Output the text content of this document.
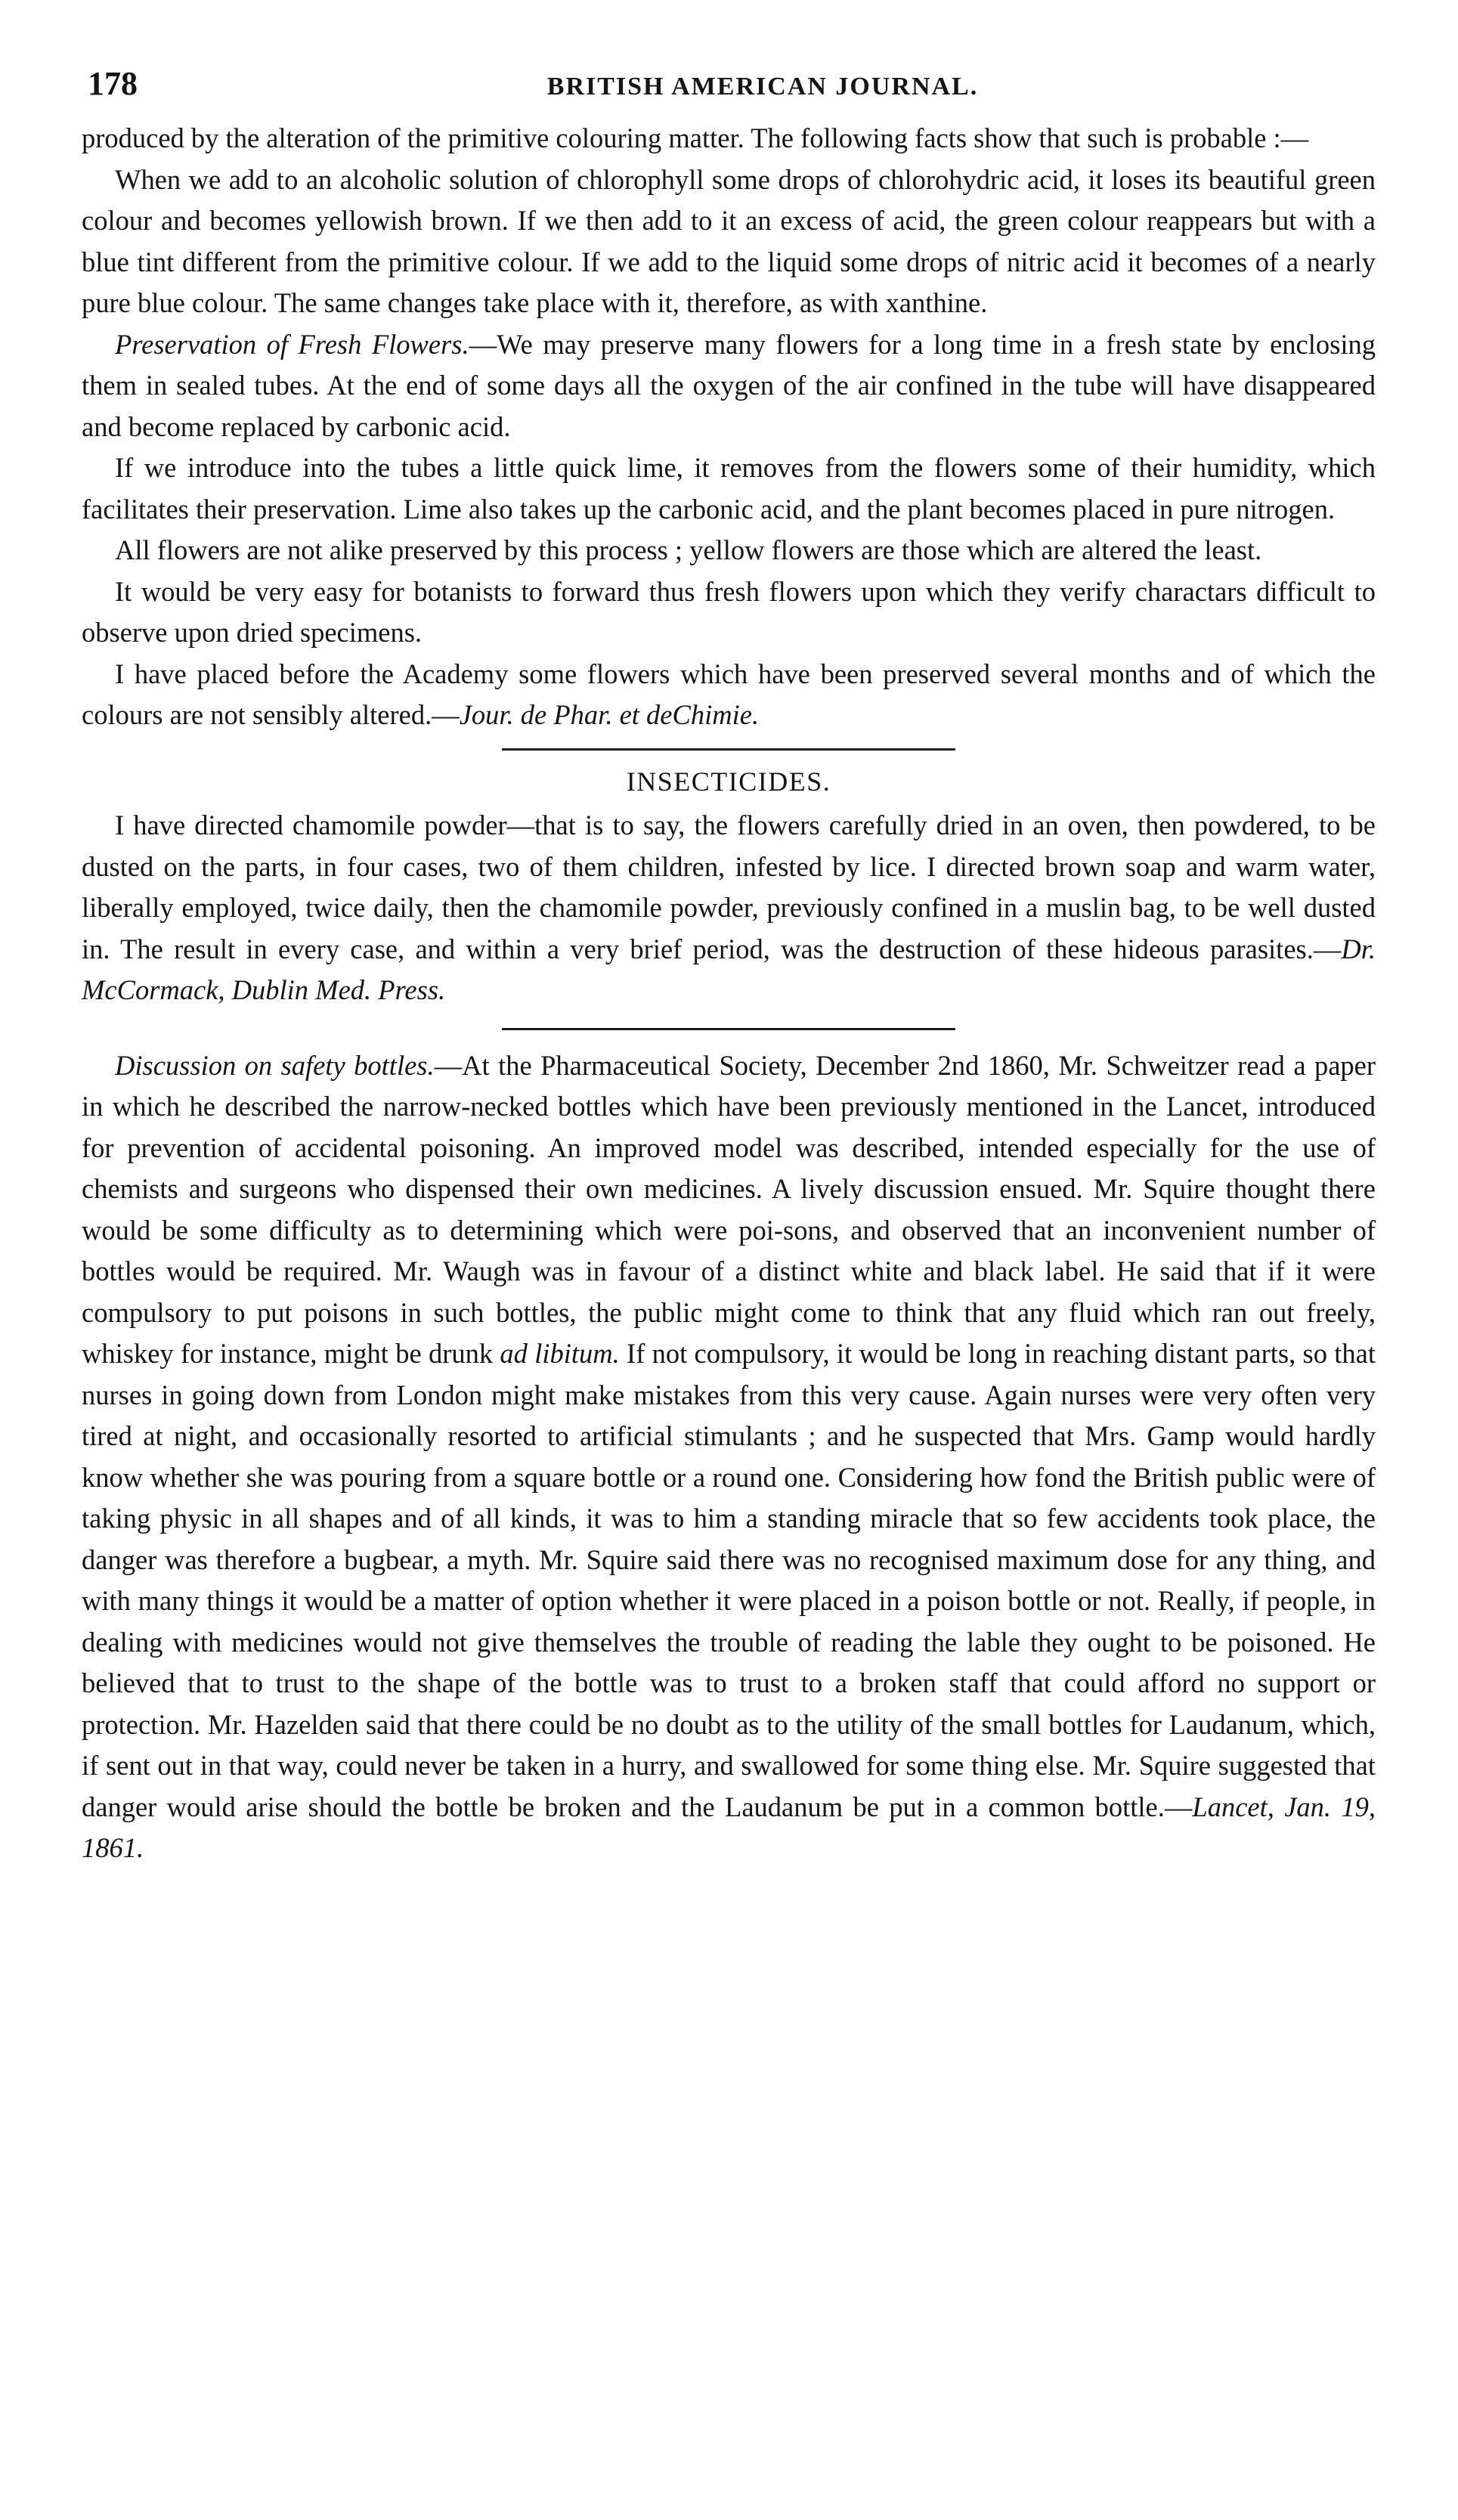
178	BRITISH AMERICAN JOURNAL.

produced by the alteration of the primitive colouring matter. The following facts show that such is probable :—

When we add to an alcoholic solution of chlorophyll some drops of chlorohydric acid, it loses its beautiful green colour and becomes yellowish brown. If we then add to it an excess of acid, the green colour reappears but with a blue tint different from the primitive colour. If we add to the liquid some drops of nitric acid it becomes of a nearly pure blue colour. The same changes take place with it, therefore, as with xanthine.

Preservation of Fresh Flowers.—We may preserve many flowers for a long time in a fresh state by enclosing them in sealed tubes. At the end of some days all the oxygen of the air confined in the tube will have disappeared and become replaced by carbonic acid.

If we introduce into the tubes a little quick lime, it removes from the flowers some of their humidity, which facilitates their preservation. Lime also takes up the carbonic acid, and the plant becomes placed in pure nitrogen.

All flowers are not alike preserved by this process ; yellow flowers are those which are altered the least.

It would be very easy for botanists to forward thus fresh flowers upon which they verify charactars difficult to observe upon dried specimens.

I have placed before the Academy some flowers which have been preserved several months and of which the colours are not sensibly altered.—Jour. de Phar. et deChimie.

INSECTICIDES.

I have directed chamomile powder—that is to say, the flowers carefully dried in an oven, then powdered, to be dusted on the parts, in four cases, two of them children, infested by lice. I directed brown soap and warm water, liberally employed, twice daily, then the chamomile powder, previously confined in a muslin bag, to be well dusted in. The result in every case, and within a very brief period, was the destruction of these hideous parasites.—Dr. McCormack, Dublin Med. Press.

Discussion on safety bottles.—At the Pharmaceutical Society, December 2nd 1860, Mr. Schweitzer read a paper in which he described the narrow-necked bottles which have been previously mentioned in the Lancet, introduced for prevention of accidental poisoning. An improved model was described, intended especially for the use of chemists and surgeons who dispensed their own medicines. A lively discussion ensued. Mr. Squire thought there would be some difficulty as to determining which were poi-sons, and observed that an inconvenient number of bottles would be required. Mr. Waugh was in favour of a distinct white and black label. He said that if it were compulsory to put poisons in such bottles, the public might come to think that any fluid which ran out freely, whiskey for instance, might be drunk ad libitum. If not compulsory, it would be long in reaching distant parts, so that nurses in going down from London might make mistakes from this very cause. Again nurses were very often very tired at night, and occasionally resorted to artificial stimulants ; and he suspected that Mrs. Gamp would hardly know whether she was pouring from a square bottle or a round one. Considering how fond the British public were of taking physic in all shapes and of all kinds, it was to him a standing miracle that so few accidents took place, the danger was therefore a bugbear, a myth. Mr. Squire said there was no recognised maximum dose for any thing, and with many things it would be a matter of option whether it were placed in a poison bottle or not. Really, if people, in dealing with medicines would not give themselves the trouble of reading the lable they ought to be poisoned. He believed that to trust to the shape of the bottle was to trust to a broken staff that could afford no support or protection. Mr. Hazelden said that there could be no doubt as to the utility of the small bottles for Laudanum, which, if sent out in that way, could never be taken in a hurry, and swallowed for some thing else. Mr. Squire suggested that danger would arise should the bottle be broken and the Laudanum be put in a common bottle.—Lancet, Jan. 19, 1861.
